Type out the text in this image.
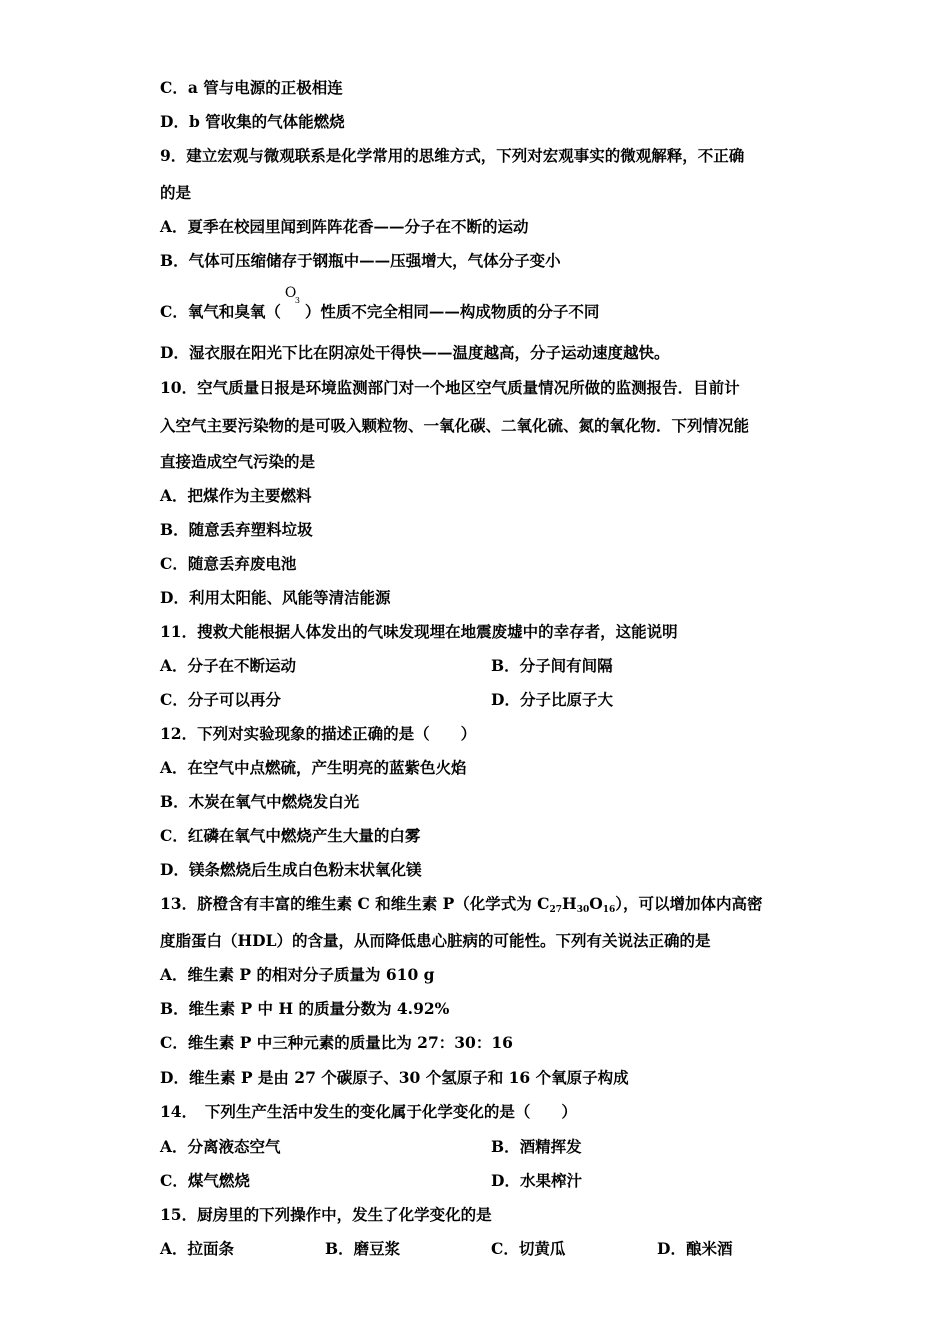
C．a 管与电源的正极相连
D．b 管收集的气体能燃烧
9．建立宏观与微观联系是化学常用的思维方式，下列对宏观事实的微观解释，不正确
的是
A．夏季在校园里闻到阵阵花香——分子在不断的运动
B．气体可压缩储存于钢瓶中——压强增大，气体分子变小
C．氧气和臭氧（
O
3
）性质不完全相同——构成物质的分子不同
D．湿衣服在阳光下比在阴凉处干得快——温度越高，分子运动速度越快。
10．空气质量日报是环境监测部门对一个地区空气质量情况所做的监测报告．目前计
入空气主要污染物的是可吸入颗粒物、一氧化碳、二氧化硫、氮的氧化物．下列情况能
直接造成空气污染的是
A．把煤作为主要燃料
B．随意丢弃塑料垃圾
C．随意丢弃废电池
D．利用太阳能、风能等清洁能源
11．搜救犬能根据人体发出的气味发现埋在地震废墟中的幸存者，这能说明
A．分子在不断运动	B．分子间有间隔
C．分子可以再分	D．分子比原子大
12．下列对实验现象的描述正确的是（　　）
A．在空气中点燃硫，产生明亮的蓝紫色火焰
B．木炭在氧气中燃烧发白光
C．红磷在氧气中燃烧产生大量的白雾
D．镁条燃烧后生成白色粉末状氧化镁
13．脐橙含有丰富的维生素 C 和维生素 P（化学式为 $C_{27}H_{30}O_{16}$），可以增加体内高密
度脂蛋白（HDL）的含量，从而降低患心脏病的可能性。下列有关说法正确的是
A．维生素 P 的相对分子质量为 610 g
B．维生素 P 中 H 的质量分数为 4.92%
C．维生素 P 中三种元素的质量比为 27：30：16
D．维生素 P 是由 27 个碳原子、30 个氢原子和 16 个氧原子构成
14．　下列生产生活中发生的变化属于化学变化的是（　　）
A．分离液态空气	B．酒精挥发
C．煤气燃烧	D．水果榨汁
15．厨房里的下列操作中，发生了化学变化的是
A．拉面条	B．磨豆浆	C．切黄瓜	D．酿米酒
